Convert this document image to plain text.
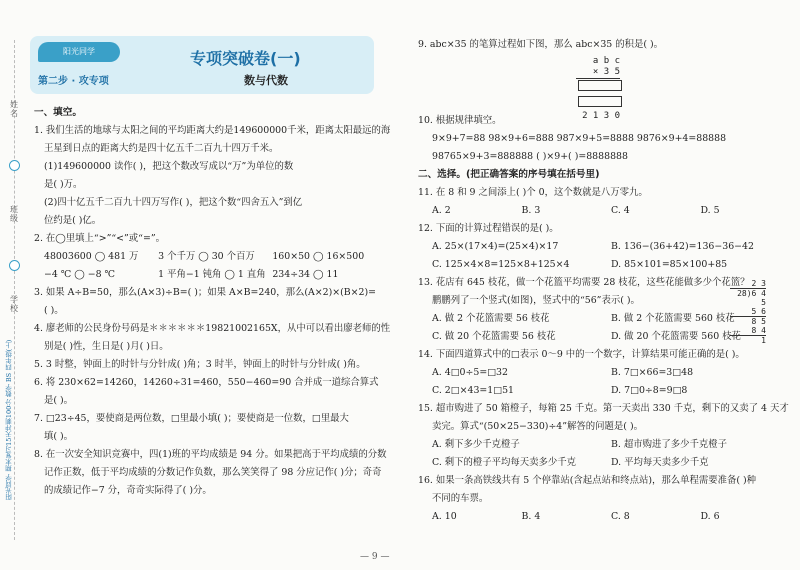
姓名
班级
学校
阳光同学 期末复习15天冲刺100分 数学 BS 四年级(上)
阳光同学
第二步 · 攻专项
专项突破卷(一)
数与代数
一、填空。
1. 我们生活的地球与太阳之间的平均距离大约是149600000千米，距离太阳最远的海
王星到日点的距离大约是四十亿五千二百九十四万千米。
(1)149600000 读作( )，把这个数改写成以“万”为单位的数
是( )万。
(2)四十亿五千二百九十四万写作( )，把这个数“四舍五入”到亿
位约是( )亿。
2. 在◯里填上“>”“<”或“=”。
48003600 ◯ 481 万	3 个千万 ◯ 30 个百万	160×50 ◯ 16×500
−4 ℃ ◯ −8 ℃	1 平角−1 钝角 ◯ 1 直角 234÷34 ◯ 11
3. 如果 A÷B=50，那么(A×3)÷B=( )；如果 A×B=240，那么(A×2)×(B×2)=
( )。
4. 廖老师的公民身份号码是＊＊＊＊＊＊19821002165X，从中可以看出廖老师的性
别是( )性，生日是( )月( )日。
5. 3 时整，钟面上的时针与分针成( )角；3 时半，钟面上的时针与分针成( )角。
6. 将 230×62=14260，14260÷31=460，550−460=90 合并成一道综合算式
是( )。
7. □23÷45，要使商是两位数，□里最小填( )；要使商是一位数，□里最大
填( )。
8. 在一次安全知识竞赛中，四(1)班的平均成绩是 94 分。如果把高于平均成绩的分数
记作正数，低于平均成绩的分数记作负数，那么笑笑得了 98 分应记作( )分；奇奇
的成绩记作−7 分，奇奇实际得了( )分。
9. abc×35 的笔算过程如下图，那么 abc×35 的积是( )。
10. 根据规律填空。
9×9+7=88 98×9+6=888 987×9+5=8888 9876×9+4=88888
98765×9+3=888888 ( )×9+( )=8888888
二、选择。(把正确答案的序号填在括号里)
11. 在 8 和 9 之间添上( )个 0，这个数就是八万零九。
A. 2	B. 3	C. 4	D. 5
12. 下面的计算过程错误的是( )。
A. 25×(17×4)=(25×4)×17	B. 136−(36+42)=136−36−42
C. 125×4×8=125×8+125×4	D. 85×101=85×100+85
13. 花店有 645 枝花，做一个花篮平均需要 28 枝花，这些花能做多少个花篮？
鹏鹏列了一个竖式(如图)，竖式中的“56”表示( )。
A. 做 2 个花篮需要 56 枝花	B. 做 2 个花篮需要 560 枝花
C. 做 20 个花篮需要 56 枝花	D. 做 20 个花篮需要 560 枝花
14. 下面四道算式中的□表示 0～9 中的一个数字，计算结果可能正确的是( )。
A. 4□0÷5=□32	B. 7□×66=3□48
C. 2□×43=1□51	D. 7□0÷8=9□8
15. 超市购进了 50 箱橙子，每箱 25 千克。第一天卖出 330 千克，剩下的又卖了 4 天才
卖完。算式“(50×25−330)÷4”解答的问题是( )。
A. 剩下多少千克橙子	B. 超市购进了多少千克橙子
C. 剩下的橙子平均每天卖多少千克	D. 平均每天卖多少千克
16. 如果一条高铁线共有 5 个停靠站(含起点站和终点站)，那么单程需要准备( )种
不同的车票。
A. 10	B. 4	C. 8	D. 6
a b c
× 3 5
2 1 3 0
2 3
28)6 4 5
5 6
8 5
8 4
1
— 9 —
